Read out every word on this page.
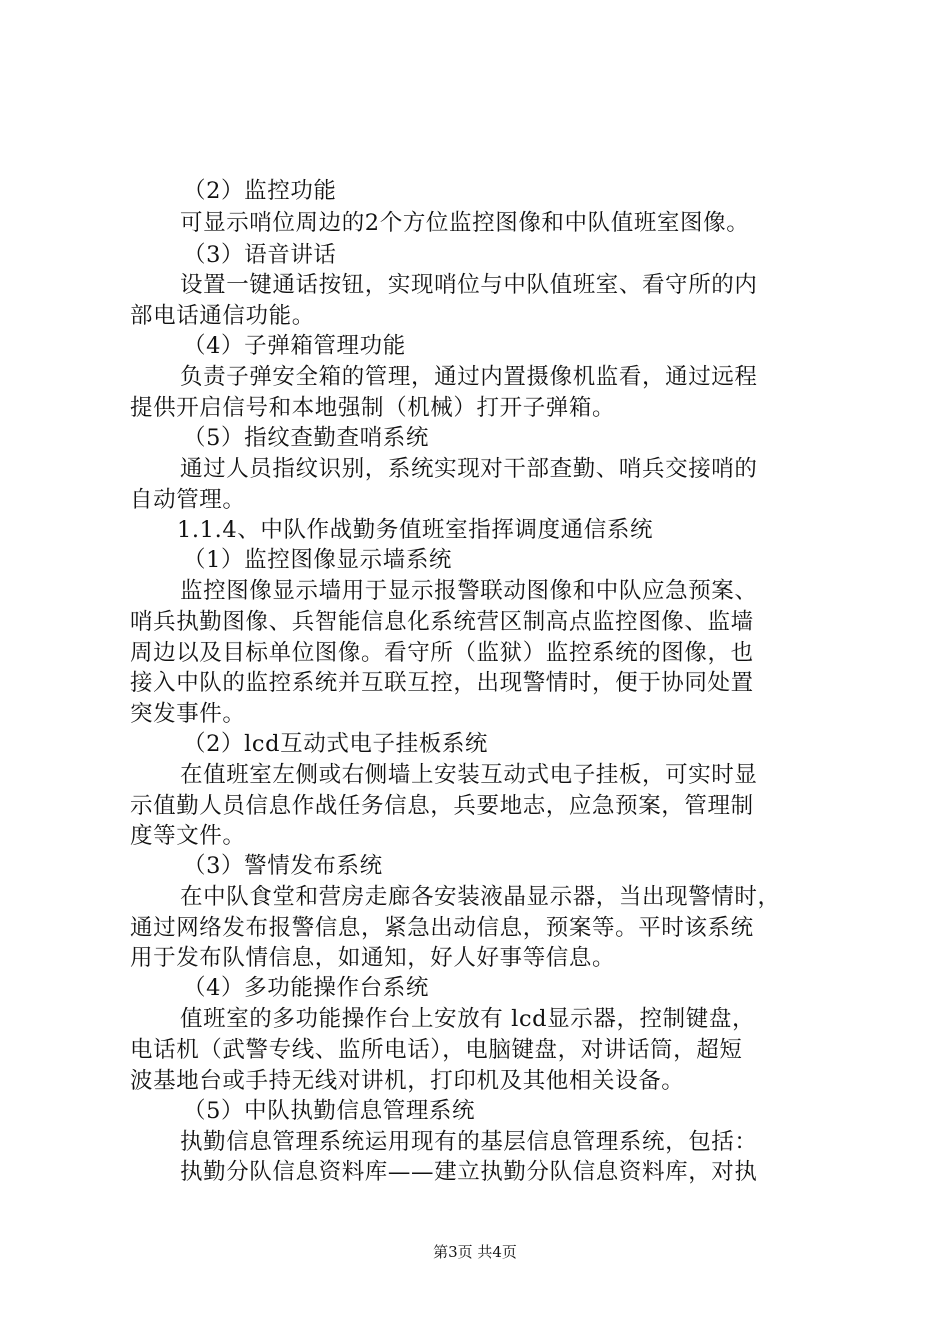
（2）监控功能
可显示哨位周边的2个方位监控图像和中队值班室图像。
（3）语音讲话
设置一键通话按钮，实现哨位与中队值班室、看守所的内
部电话通信功能。
（4）子弹箱管理功能
负责子弹安全箱的管理，通过内置摄像机监看，通过远程
提供开启信号和本地强制（机械）打开子弹箱。
（5）指纹查勤查哨系统
通过人员指纹识别，系统实现对干部查勤、哨兵交接哨的
自动管理。
1.1.4、中队作战勤务值班室指挥调度通信系统
（1）监控图像显示墙系统
监控图像显示墙用于显示报警联动图像和中队应急预案、
哨兵执勤图像、兵智能信息化系统营区制高点监控图像、监墙
周边以及目标单位图像。看守所（监狱）监控系统的图像，也
接入中队的监控系统并互联互控，出现警情时，便于协同处置
突发事件。
（2）lcd互动式电子挂板系统
在值班室左侧或右侧墙上安装互动式电子挂板，可实时显
示值勤人员信息作战任务信息，兵要地志，应急预案，管理制
度等文件。
（3）警情发布系统
在中队食堂和营房走廊各安装液晶显示器，当出现警情时，
通过网络发布报警信息，紧急出动信息，预案等。平时该系统
用于发布队情信息，如通知，好人好事等信息。
（4）多功能操作台系统
值班室的多功能操作台上安放有 lcd显示器，控制键盘，
电话机（武警专线、监所电话），电脑键盘，对讲话筒，超短
波基地台或手持无线对讲机，打印机及其他相关设备。
（5）中队执勤信息管理系统
执勤信息管理系统运用现有的基层信息管理系统，包括：
执勤分队信息资料库——建立执勤分队信息资料库，对执
第3页 共4页
